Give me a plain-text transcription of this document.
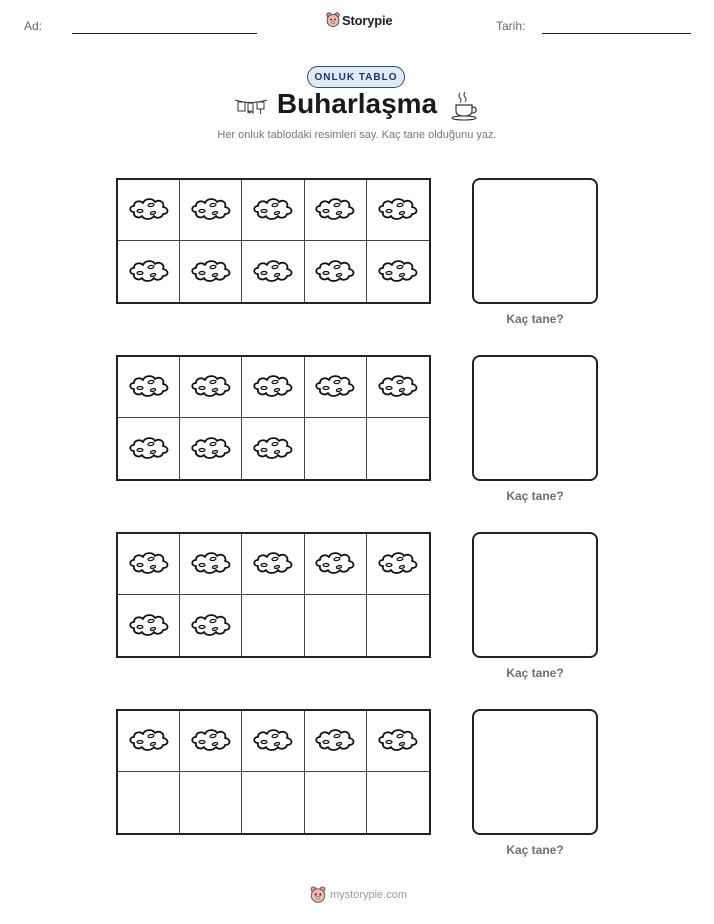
Ad:	Storypie	Tarih:
ONLUK TABLO
Buharlaşma
Her onluk tablodaki resimleri say. Kaç tane olduğunu yaz.
Kaç tane?
Kaç tane?
Kaç tane?
Kaç tane?
mystorypie.com
